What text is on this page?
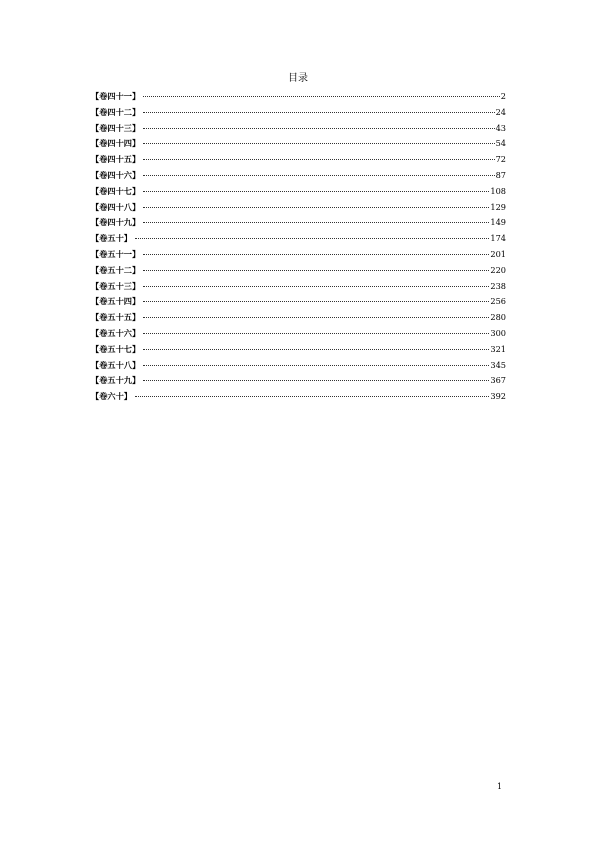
目录
【卷四十一】	2
【卷四十二】	24
【卷四十三】	43
【卷四十四】	54
【卷四十五】	72
【卷四十六】	87
【卷四十七】	108
【卷四十八】	129
【卷四十九】	149
【卷五十】	174
【卷五十一】	201
【卷五十二】	220
【卷五十三】	238
【卷五十四】	256
【卷五十五】	280
【卷五十六】	300
【卷五十七】	321
【卷五十八】	345
【卷五十九】	367
【卷六十】	392
1
